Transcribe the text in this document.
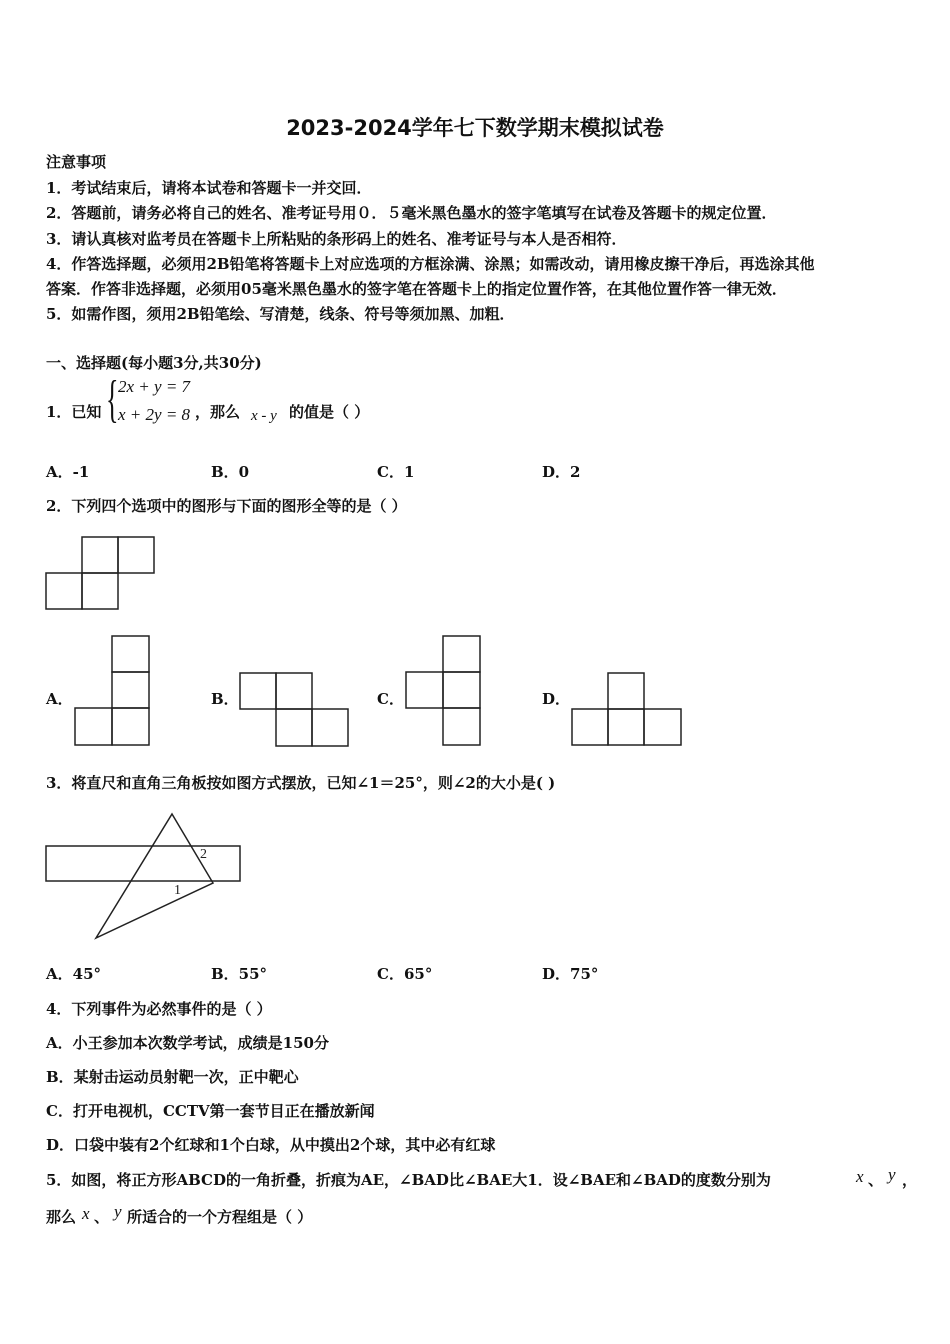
2023-2024学年七下数学期末模拟试卷
注意事项
1．考试结束后，请将本试卷和答题卡一并交回．
2．答题前，请务必将自己的姓名、准考证号用０．５毫米黑色墨水的签字笔填写在试卷及答题卡的规定位置．
3．请认真核对监考员在答题卡上所粘贴的条形码上的姓名、准考证号与本人是否相符．
4．作答选择题，必须用2B铅笔将答题卡上对应选项的方框涂满、涂黑；如需改动，请用橡皮擦干净后，再选涂其他
答案．作答非选择题，必须用05毫米黑色墨水的签字笔在答题卡上的指定位置作答，在其他位置作答一律无效．
5．如需作图，须用2B铅笔绘、写清楚，线条、符号等须加黑、加粗．
一、选择题(每小题3分,共30分)
1．已知 { 2x + y = 7
x + 2y = 8 ，那么 x - y 的值是（ ）
A．-1	B．0	C．1	D．2
2．下列四个选项中的图形与下面的图形全等的是（ ）
2
1
A．	B．	C．	D．
3．将直尺和直角三角板按如图方式摆放，已知∠1＝25°，则∠2的大小是( )
A．45°	B．55°	C．65°	D．75°
4．下列事件为必然事件的是（ ）
A．小王参加本次数学考试，成绩是150分
B．某射击运动员射靶一次，正中靶心
C．打开电视机，CCTV第一套节目正在播放新闻
D．口袋中装有2个红球和1个白球，从中摸出2个球，其中必有红球
5．如图，将正方形ABCD的一角折叠，折痕为AE，∠BAD比∠BAE大1．设∠BAE和∠BAD的度数分别为	x 、 y ，
那么 x 、 y 所适合的一个方程组是（ ）
